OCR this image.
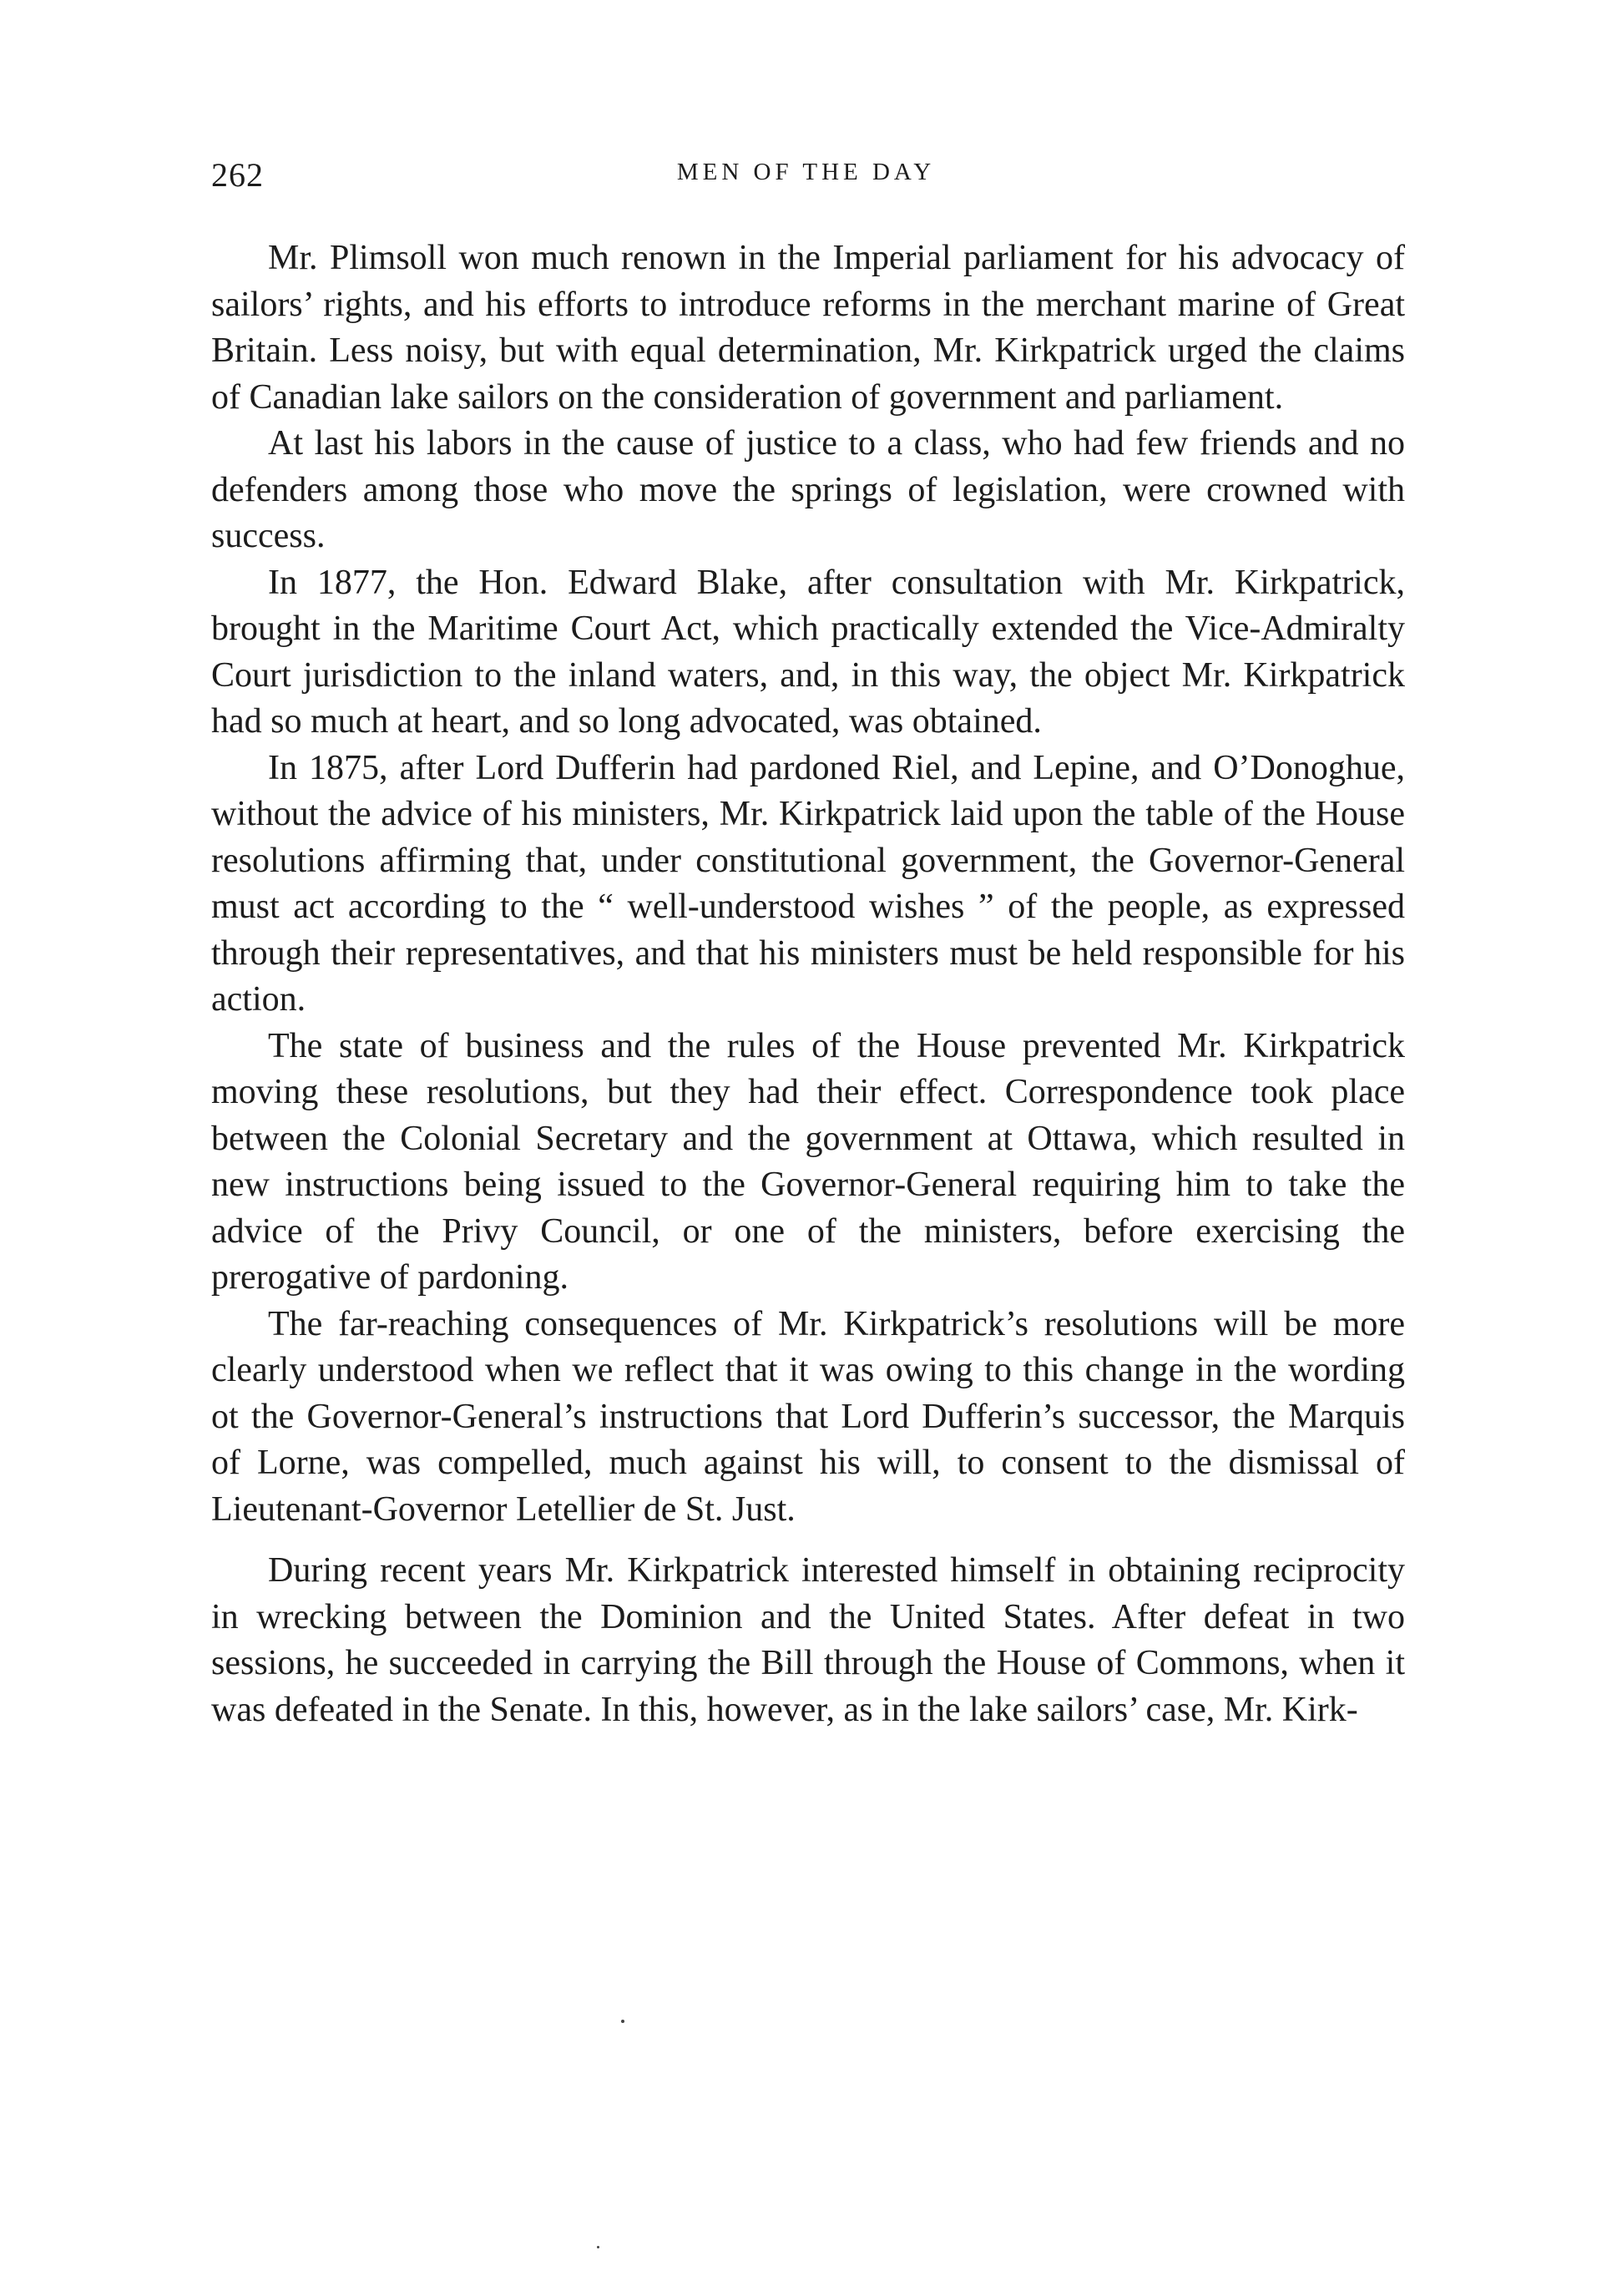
262	MEN OF THE DAY

Mr. Plimsoll won much renown in the Imperial parliament for his advocacy of sailors’ rights, and his efforts to introduce reforms in the merchant marine of Great Britain. Less noisy, but with equal determination, Mr. Kirkpatrick urged the claims of Canadian lake sailors on the consideration of government and parliament.

At last his labors in the cause of justice to a class, who had few friends and no defenders among those who move the springs of legislation, were crowned with success.

In 1877, the Hon. Edward Blake, after consultation with Mr. Kirkpatrick, brought in the Maritime Court Act, which practically extended the Vice-Admiralty Court jurisdiction to the inland waters, and, in this way, the object Mr. Kirkpatrick had so much at heart, and so long advocated, was obtained.

In 1875, after Lord Dufferin had pardoned Riel, and Lepine, and O’Donoghue, without the advice of his ministers, Mr. Kirkpatrick laid upon the table of the House resolutions affirming that, under constitutional government, the Governor-General must act according to the “ well-understood wishes ” of the people, as expressed through their representatives, and that his ministers must be held responsible for his action.

The state of business and the rules of the House prevented Mr. Kirkpatrick moving these resolutions, but they had their effect. Correspondence took place between the Colonial Secretary and the government at Ottawa, which resulted in new instructions being issued to the Governor-General requiring him to take the advice of the Privy Council, or one of the ministers, before exercising the prerogative of pardoning.

The far-reaching consequences of Mr. Kirkpatrick’s resolutions will be more clearly understood when we reflect that it was owing to this change in the wording ot the Governor-General’s instructions that Lord Dufferin’s successor, the Marquis of Lorne, was compelled, much against his will, to consent to the dismissal of Lieutenant-Governor Letellier de St. Just.

During recent years Mr. Kirkpatrick interested himself in obtaining reciprocity in wrecking between the Dominion and the United States. After defeat in two sessions, he succeeded in carrying the Bill through the House of Commons, when it was defeated in the Senate. In this, however, as in the lake sailors’ case, Mr. Kirk-
